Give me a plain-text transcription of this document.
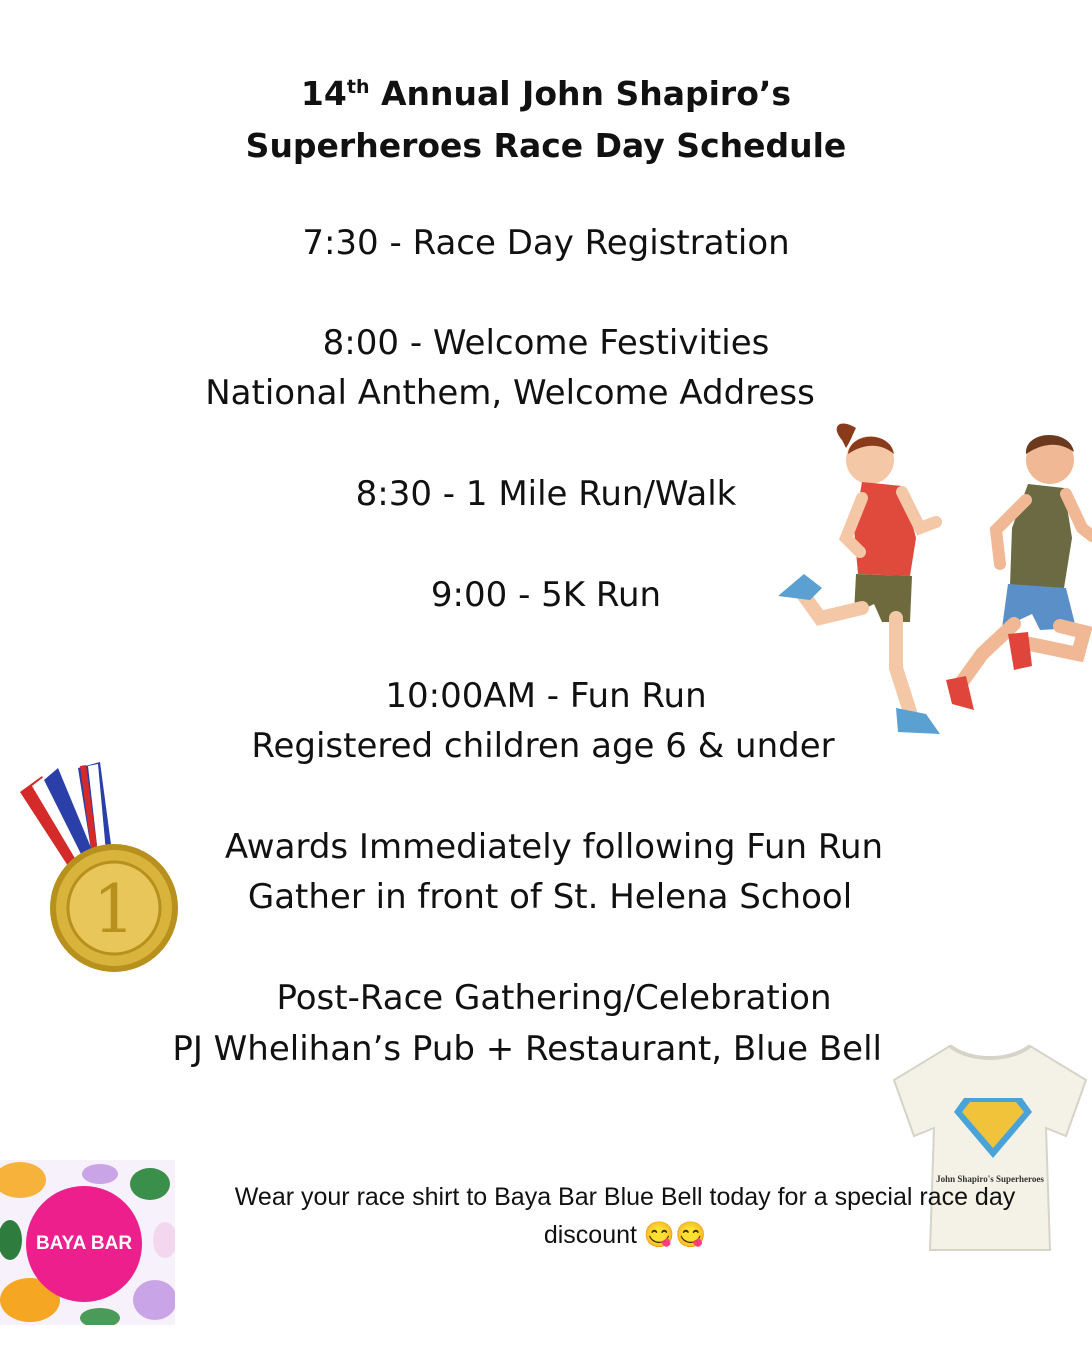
14th Annual John Shapiro’s
Superheroes Race Day Schedule
7:30 - Race Day Registration
8:00 - Welcome Festivities
National Anthem, Welcome Address
8:30 - 1 Mile Run/Walk
9:00 - 5K Run
10:00AM - Fun Run
Registered children age 6 & under
Awards Immediately following Fun Run
Gather in front of St. Helena School
Post-Race Gathering/Celebration
PJ Whelihan’s Pub + Restaurant, Blue Bell
1
John Shapiro's Superheroes
BAYA BAR
Wear your race shirt to Baya Bar Blue Bell today for a special race day discount 😋😋
